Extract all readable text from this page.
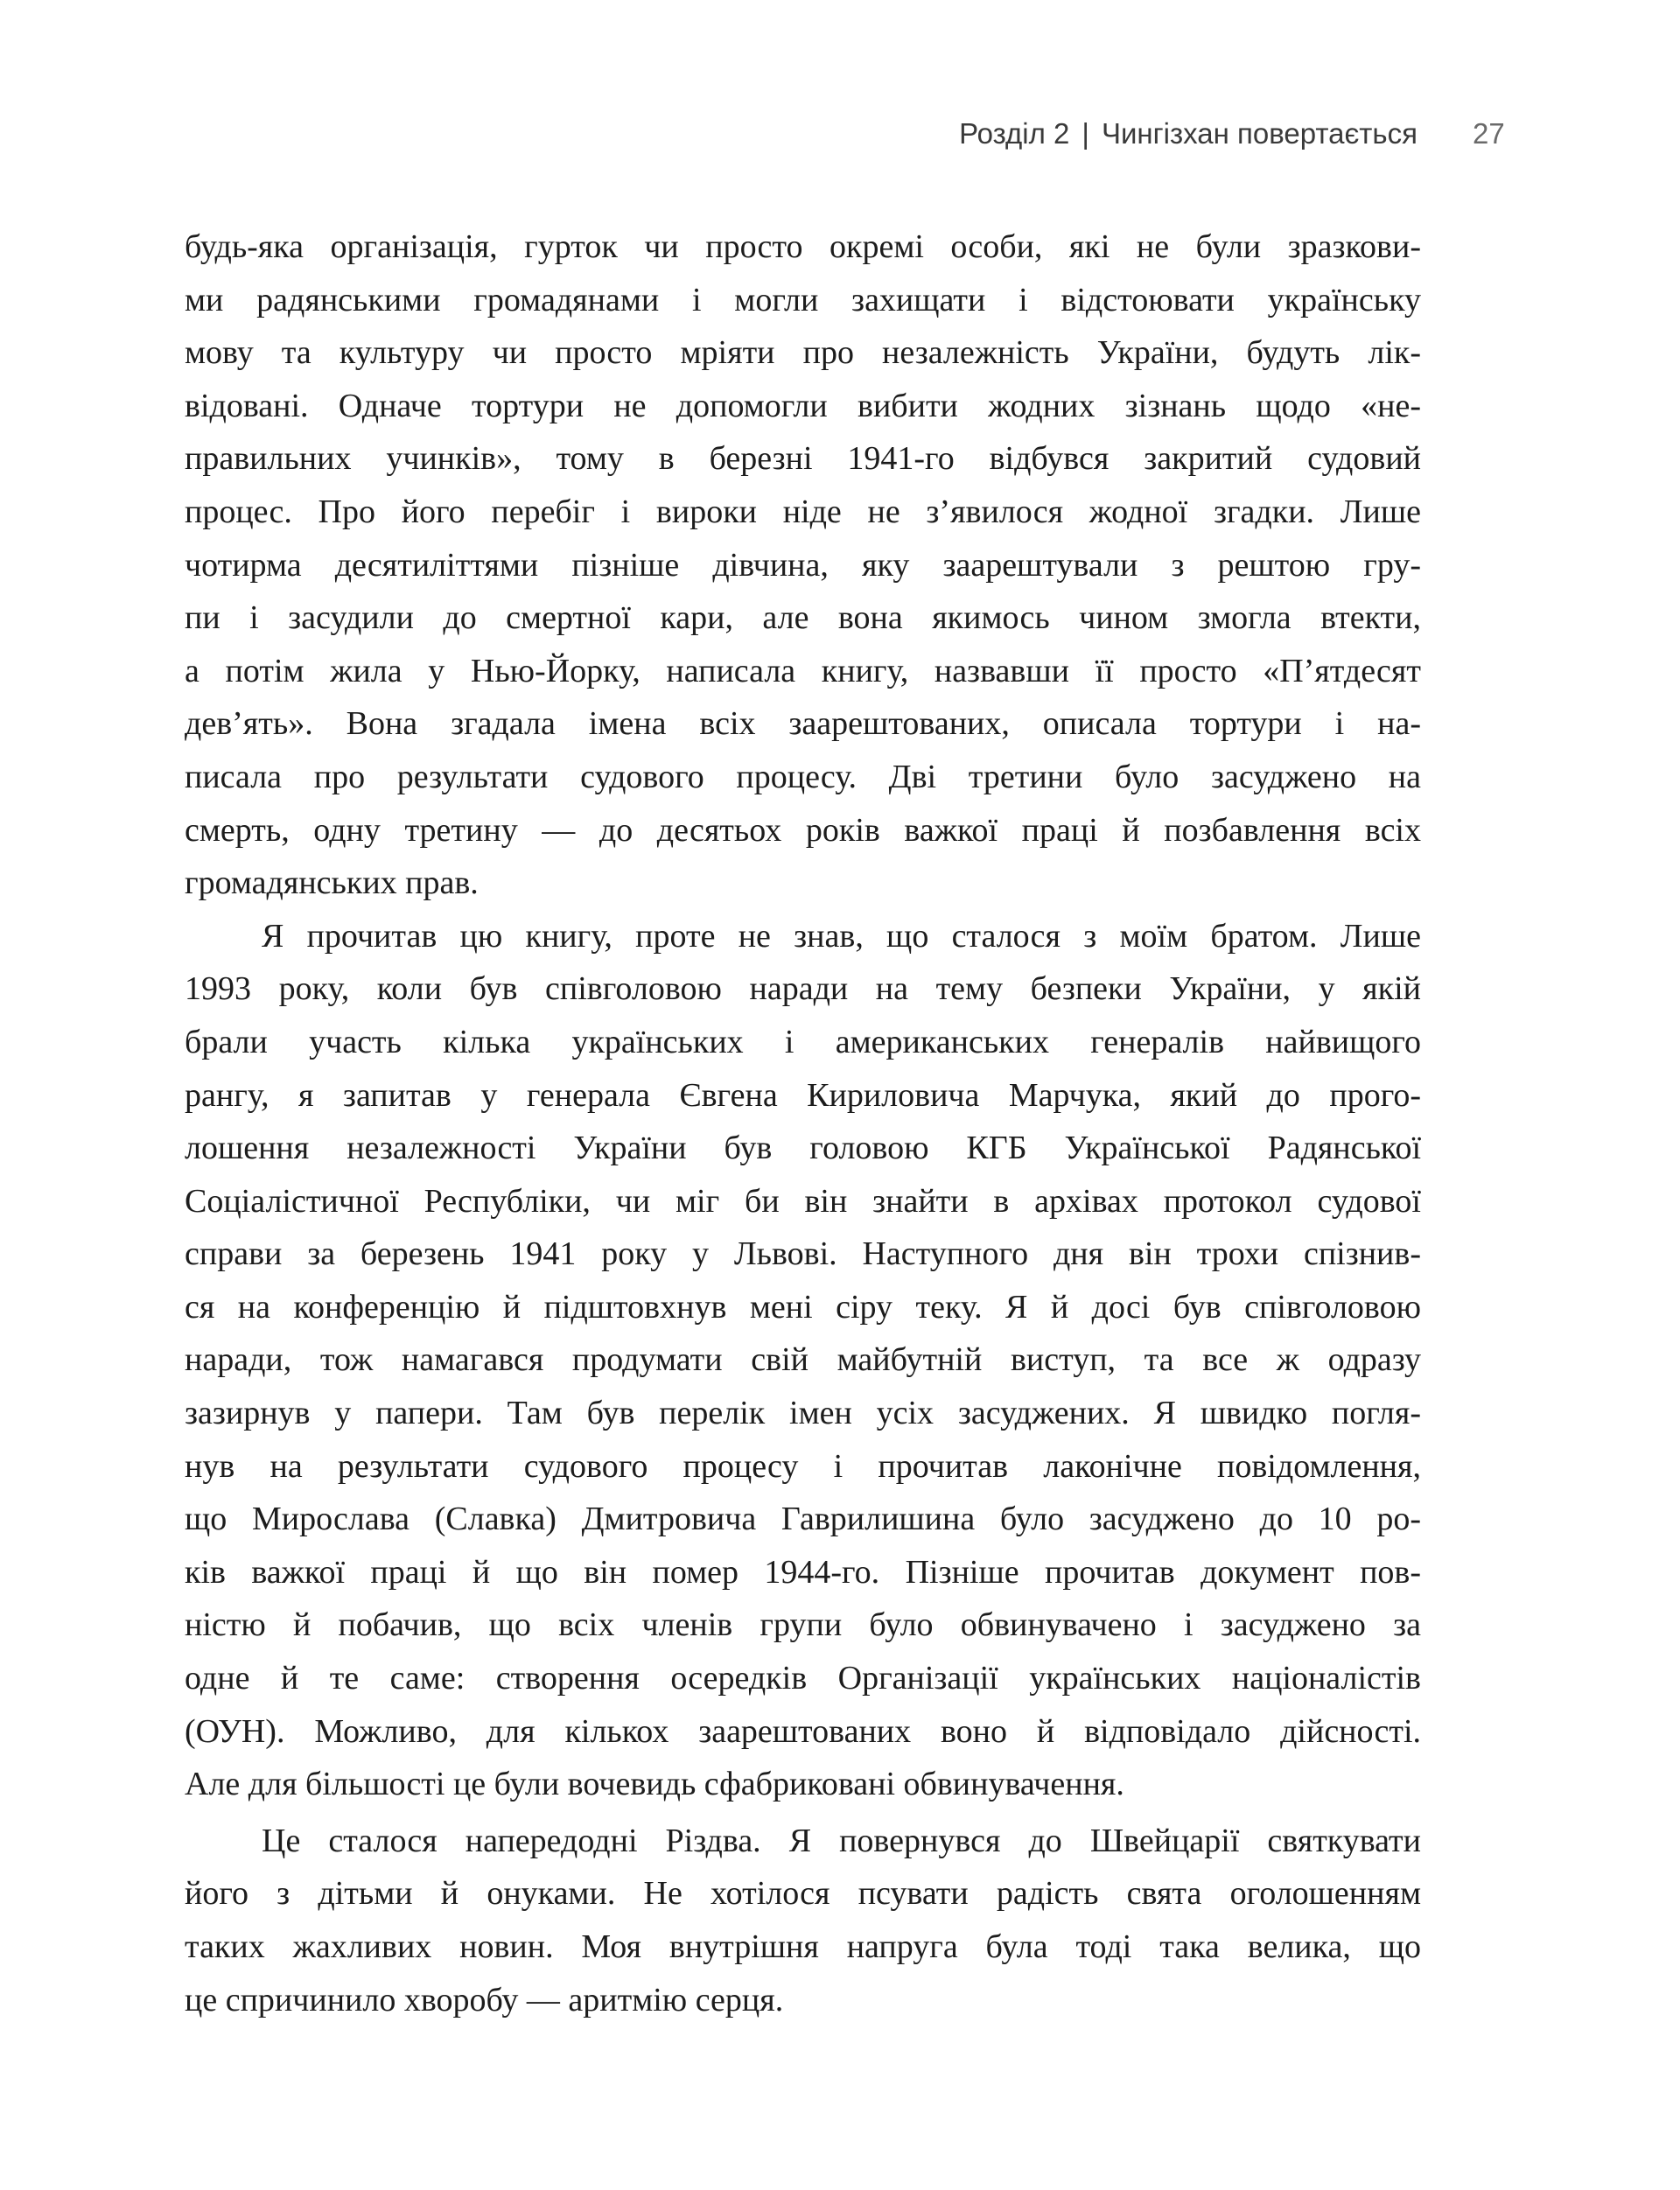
Розділ 2 | Чингізхан повертається 27

будь-яка організація, гурток чи просто окремі особи, які не були зразкови-
ми радянськими громадянами і могли захищати і відстоювати українську
мову та культуру чи просто мріяти про незалежність України, будуть лік-
відовані. Одначе тортури не допомогли вибити жодних зізнань щодо «не-
правильних учинків», тому в березні 1941-го відбувся закритий судовий
процес. Про його перебіг і вироки ніде не з’явилося жодної згадки. Лише
чотирма десятиліттями пізніше дівчина, яку заарештували з рештою гру-
пи і засудили до смертної кари, але вона якимось чином змогла втекти,
а потім жила у Нью-Йорку, написала книгу, назвавши її просто «П’ятдесят
дев’ять». Вона згадала імена всіх заарештованих, описала тортури і на-
писала про результати судового процесу. Дві третини було засуджено на
смерть, одну третину — до десятьох років важкої праці й позбавлення всіх
громадянських прав.

Я прочитав цю книгу, проте не знав, що сталося з моїм братом. Лише
1993 року, коли був співголовою наради на тему безпеки України, у якій
брали участь кілька українських і американських генералів найвищого
рангу, я запитав у генерала Євгена Кириловича Марчука, який до прого-
лошення незалежності України був головою КГБ Української Радянської
Соціалістичної Республіки, чи міг би він знайти в архівах протокол судової
справи за березень 1941 року у Львові. Наступного дня він трохи спізнив-
ся на конференцію й підштовхнув мені сіру теку. Я й досі був співголовою
наради, тож намагався продумати свій майбутній виступ, та все ж одразу
зазирнув у папери. Там був перелік імен усіх засуджених. Я швидко погля-
нув на результати судового процесу і прочитав лаконічне повідомлення,
що Мирослава (Славка) Дмитровича Гаврилишина було засуджено до 10 ро-
ків важкої праці й що він помер 1944-го. Пізніше прочитав документ пов-
ністю й побачив, що всіх членів групи було обвинувачено і засуджено за
одне й те саме: створення осередків Організації українських націоналістів
(ОУН). Можливо, для кількох заарештованих воно й відповідало дійсності.
Але для більшості це були вочевидь сфабриковані обвинувачення.

Це сталося напередодні Різдва. Я повернувся до Швейцарії святкувати
його з дітьми й онуками. Не хотілося псувати радість свята оголошенням
таких жахливих новин. Моя внутрішня напруга була тоді така велика, що
це спричинило хворобу — аритмію серця.
